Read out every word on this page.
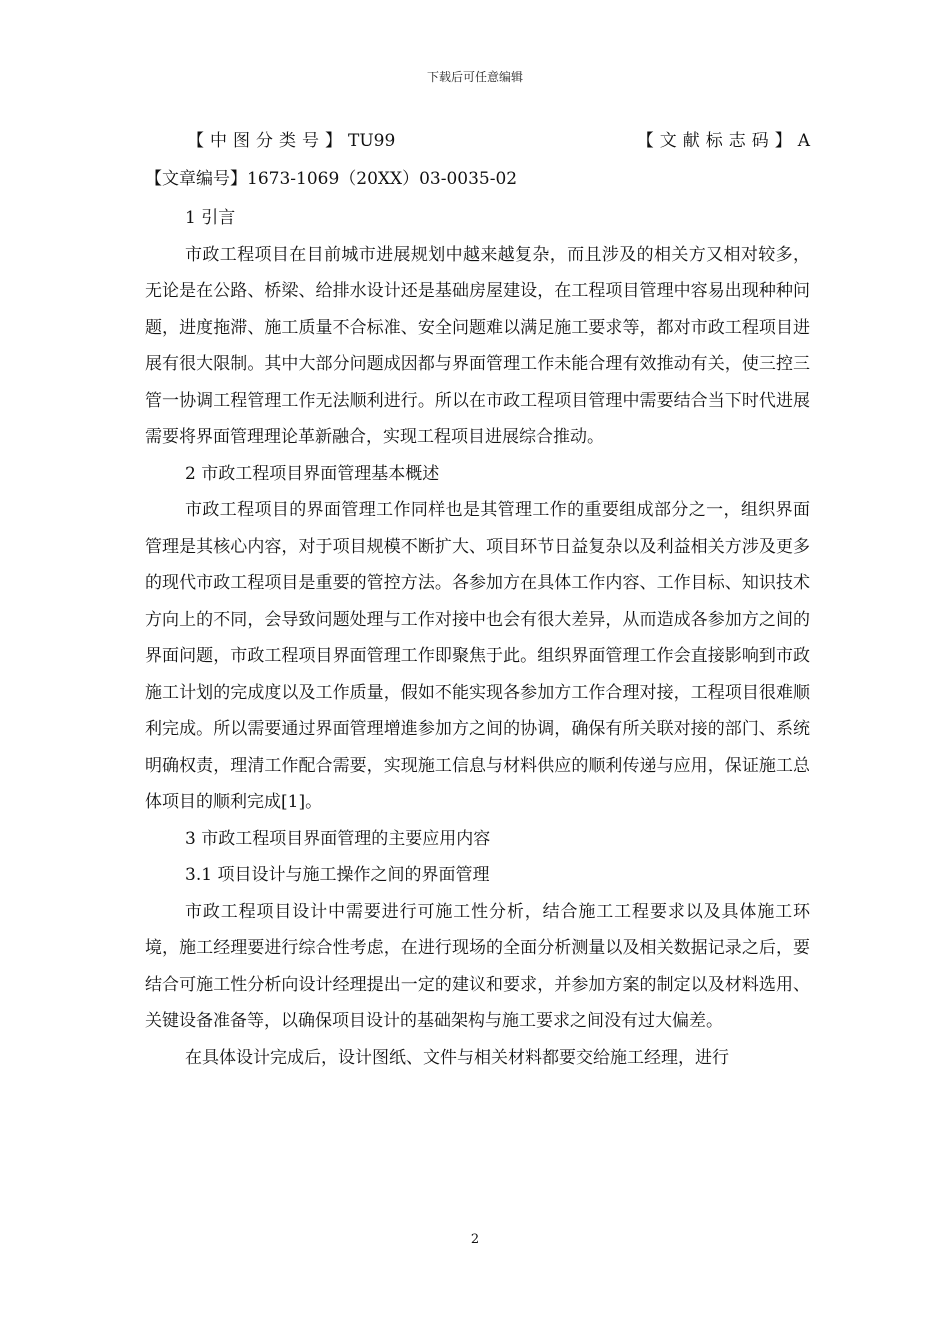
下载后可任意编辑
【中图分类号】TU99	【文献标志码】A
【文章编号】1673-1069（20XX）03-0035-02

1 引言

市政工程项目在目前城市进展规划中越来越复杂，而且涉及的相关方又相对较多，无论是在公路、桥梁、给排水设计还是基础房屋建设，在工程项目管理中容易出现种种问题，进度拖滞、施工质量不合标准、安全问题难以满足施工要求等，都对市政工程项目进展有很大限制。其中大部分问题成因都与界面管理工作未能合理有效推动有关，使三控三管一协调工程管理工作无法顺利进行。所以在市政工程项目管理中需要结合当下时代进展需要将界面管理理论革新融合，实现工程项目进展综合推动。

2 市政工程项目界面管理基本概述

市政工程项目的界面管理工作同样也是其管理工作的重要组成部分之一，组织界面管理是其核心内容，对于项目规模不断扩大、项目环节日益复杂以及利益相关方涉及更多的现代市政工程项目是重要的管控方法。各参加方在具体工作内容、工作目标、知识技术方向上的不同，会导致问题处理与工作对接中也会有很大差异，从而造成各参加方之间的界面问题，市政工程项目界面管理工作即聚焦于此。组织界面管理工作会直接影响到市政施工计划的完成度以及工作质量，假如不能实现各参加方工作合理对接，工程项目很难顺利完成。所以需要通过界面管理增進参加方之间的协调，确保有所关联对接的部门、系统明确权责，理清工作配合需要，实现施工信息与材料供应的顺利传递与应用，保证施工总体项目的顺利完成[1]。

3 市政工程项目界面管理的主要应用内容

3.1 项目设计与施工操作之间的界面管理

市政工程项目设计中需要进行可施工性分析，结合施工工程要求以及具体施工环境，施工经理要进行综合性考虑，在进行现场的全面分析测量以及相关数据记录之后，要结合可施工性分析向设计经理提出一定的建议和要求，并参加方案的制定以及材料选用、关键设备准备等，以确保项目设计的基础架构与施工要求之间没有过大偏差。

在具体设计完成后，设计图纸、文件与相关材料都要交给施工经理，进行

2
